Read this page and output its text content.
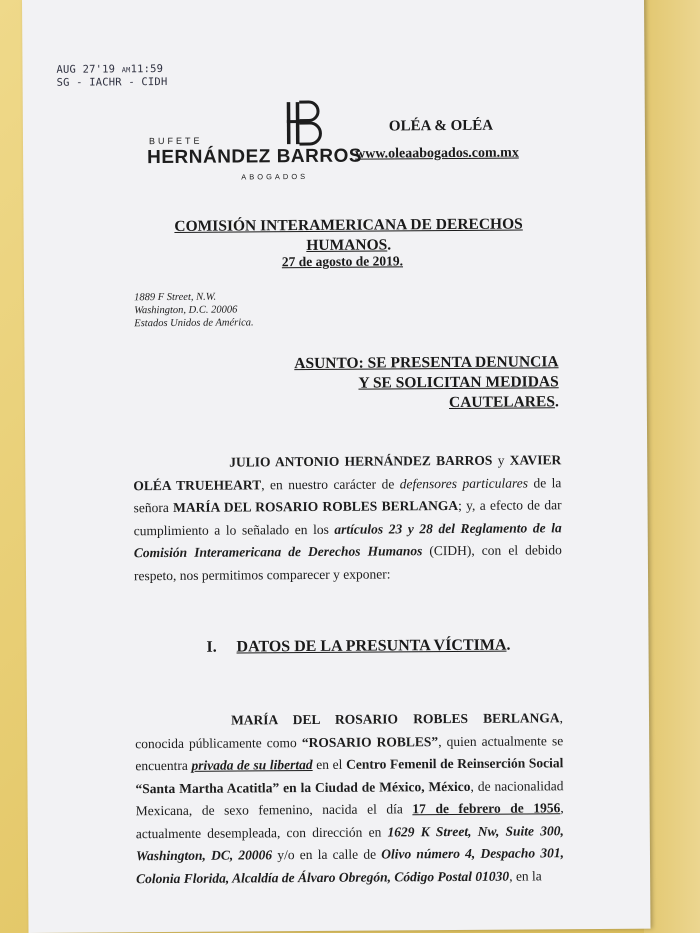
AUG 27'19 AM11:59
SG - IACHR - CIDH
BUFETE
HERNÁNDEZ BARROS
ABOGADOS
OLÉA & OLÉA
www.oleaabogados.com.mx
COMISIÓN INTERAMERICANA DE DERECHOS
HUMANOS.
27 de agosto de 2019.
1889 F Street, N.W.
Washington, D.C. 20006
Estados Unidos de América.
ASUNTO: SE PRESENTA DENUNCIA
Y SE SOLICITAN MEDIDAS
CAUTELARES.
JULIO ANTONIO HERNÁNDEZ BARROS y XAVIER OLÉA TRUEHEART, en nuestro carácter de defensores particulares de la señora MARÍA DEL ROSARIO ROBLES BERLANGA; y, a efecto de dar cumplimiento a lo señalado en los artículos 23 y 28 del Reglamento de la Comisión Interamericana de Derechos Humanos (CIDH), con el debido respeto, nos permitimos comparecer y exponer:
I. DATOS DE LA PRESUNTA VÍCTIMA.
MARÍA DEL ROSARIO ROBLES BERLANGA, conocida públicamente como “ROSARIO ROBLES”, quien actualmente se encuentra privada de su libertad en el Centro Femenil de Reinserción Social “Santa Martha Acatitla” en la Ciudad de México, México, de nacionalidad Mexicana, de sexo femenino, nacida el día 17 de febrero de 1956, actualmente desempleada, con dirección en 1629 K Street, Nw, Suite 300, Washington, DC, 20006 y/o en la calle de Olivo número 4, Despacho 301, Colonia Florida, Alcaldía de Álvaro Obregón, Código Postal 01030, en la
